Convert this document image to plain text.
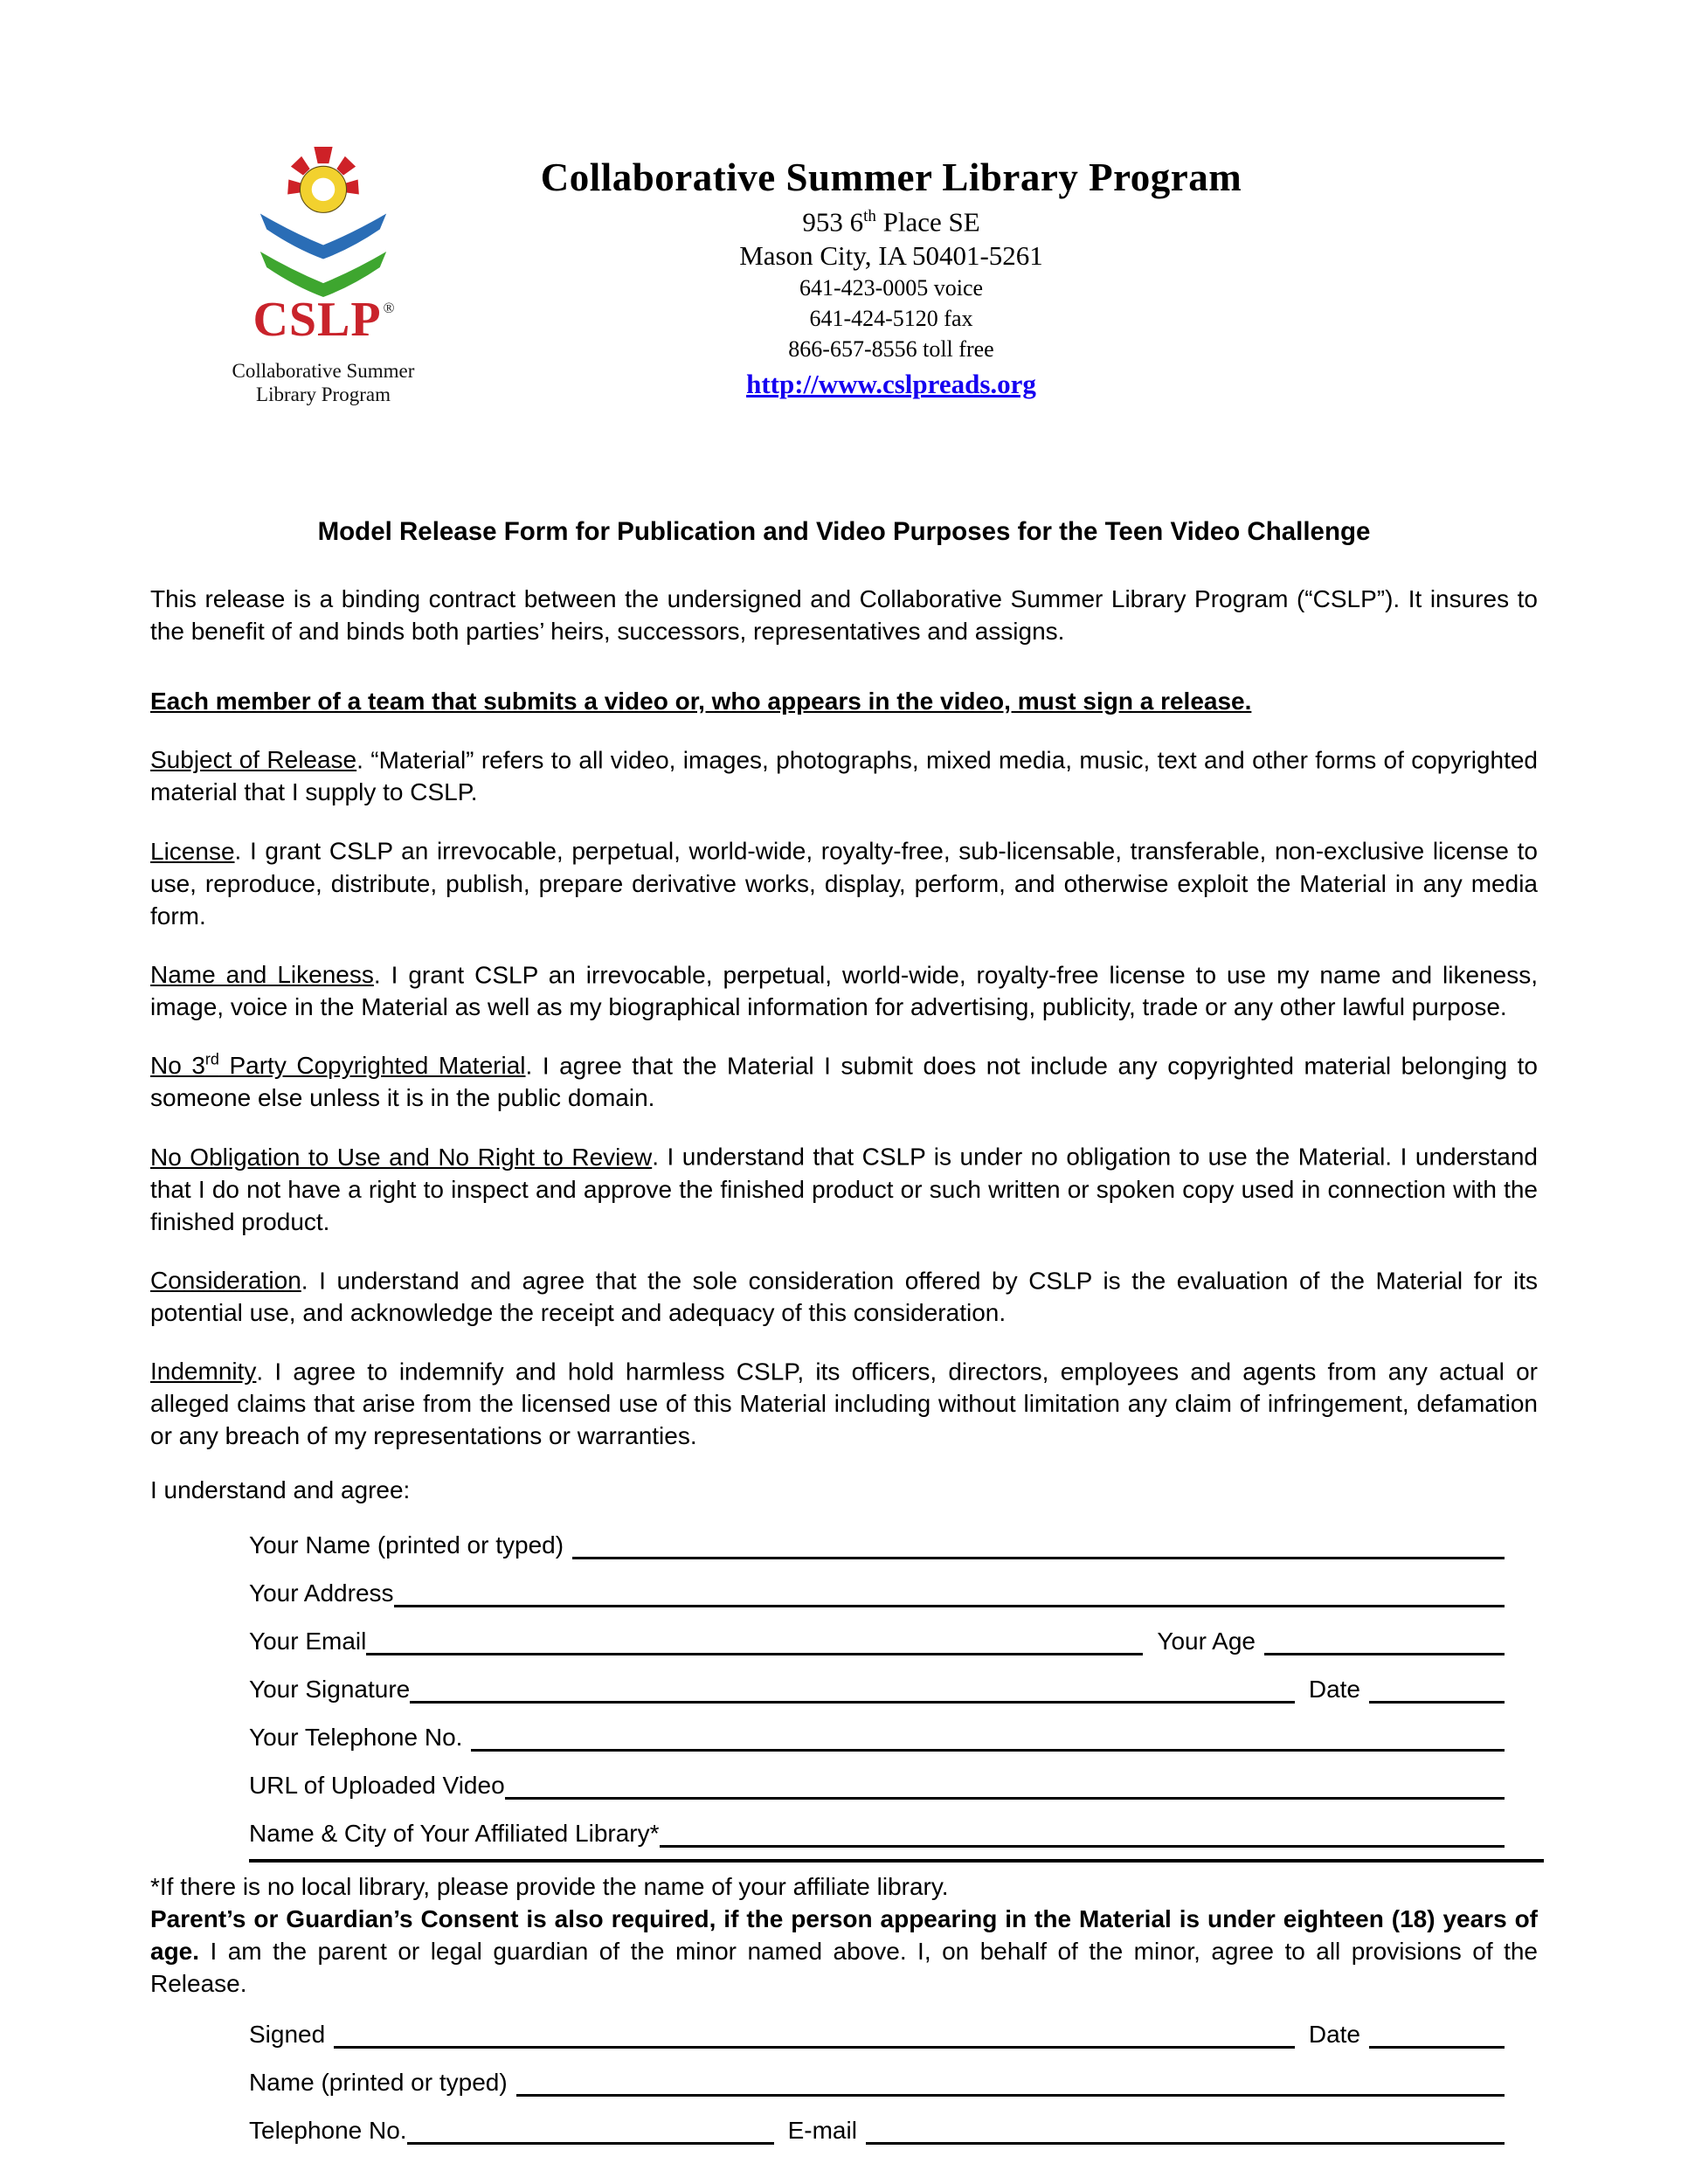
CSLP ®
Collaborative Summer
Library Program
Collaborative Summer Library Program
953 6th Place SE
Mason City, IA 50401-5261
641-423-0005 voice
641-424-5120 fax
866-657-8556 toll free
http://www.cslpreads.org
Model Release Form for Publication and Video Purposes for the Teen Video Challenge

This release is a binding contract between the undersigned and Collaborative Summer Library Program (“CSLP”). It insures to the benefit of and binds both parties’ heirs, successors, representatives and assigns.

Each member of a team that submits a video or, who appears in the video, must sign a release.

Subject of Release. “Material” refers to all video, images, photographs, mixed media, music, text and other forms of copyrighted material that I supply to CSLP.

License. I grant CSLP an irrevocable, perpetual, world-wide, royalty-free, sub-licensable, transferable, non-exclusive license to use, reproduce, distribute, publish, prepare derivative works, display, perform, and otherwise exploit the Material in any media form.

Name and Likeness. I grant CSLP an irrevocable, perpetual, world-wide, royalty-free license to use my name and likeness, image, voice in the Material as well as my biographical information for advertising, publicity, trade or any other lawful purpose.

No 3rd Party Copyrighted Material. I agree that the Material I submit does not include any copyrighted material belonging to someone else unless it is in the public domain.

No Obligation to Use and No Right to Review. I understand that CSLP is under no obligation to use the Material. I understand that I do not have a right to inspect and approve the finished product or such written or spoken copy used in connection with the finished product.

Consideration. I understand and agree that the sole consideration offered by CSLP is the evaluation of the Material for its potential use, and acknowledge the receipt and adequacy of this consideration.

Indemnity. I agree to indemnify and hold harmless CSLP, its officers, directors, employees and agents from any actual or alleged claims that arise from the licensed use of this Material including without limitation any claim of infringement, defamation or any breach of my representations or warranties.

I understand and agree:

Your Name (printed or typed)
Your Address
Your Email	Your Age
Your Signature	Date
Your Telephone No.
URL of Uploaded Video
Name & City of Your Affiliated Library*

*If there is no local library, please provide the name of your affiliate library.

Parent’s or Guardian’s Consent is also required, if the person appearing in the Material is under eighteen (18) years of age. I am the parent or legal guardian of the minor named above. I, on behalf of the minor, agree to all provisions of the Release.

Signed	Date
Name (printed or typed)
Telephone No.	E-mail
